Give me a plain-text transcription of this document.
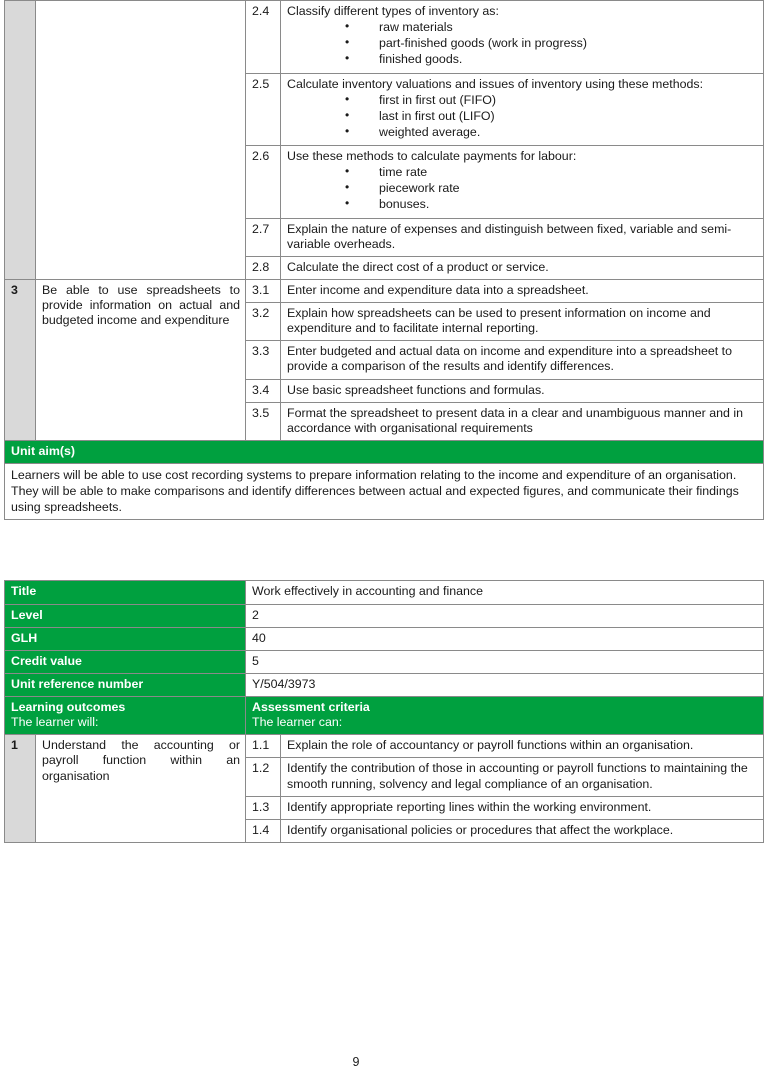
		2.4	Classify different types of inventory as:
• raw materials
• part-finished goods (work in progress)
• finished goods.

2.5	Calculate inventory valuations and issues of inventory using these methods:
• first in first out (FIFO)
• last in first out (LIFO)
• weighted average.

2.6	Use these methods to calculate payments for labour:
• time rate
• piecework rate
• bonuses.

		2.7	Explain the nature of expenses and distinguish between fixed, variable and semi-variable overheads.
		2.8	Calculate the direct cost of a product or service.
3	Be able to use spreadsheets to provide information on actual and budgeted income and expenditure	3.1	Enter income and expenditure data into a spreadsheet.
		3.2	Explain how spreadsheets can be used to present information on income and expenditure and to facilitate internal reporting.
		3.3	Enter budgeted and actual data on income and expenditure into a spreadsheet to provide a comparison of the results and identify differences.
		3.4	Use basic spreadsheet functions and formulas.
		3.5	Format the spreadsheet to present data in a clear and unambiguous manner and in accordance with organisational requirements
Unit aim(s)			
Learners will be able to use cost recording systems to prepare information relating to the income and expenditure of an organisation. They will be able to make comparisons and identify differences between actual and expected figures, and communicate their findings using spreadsheets.			
Title		Work effectively in accounting and finance	
Level		2	
GLH		40	
Credit value		5	
Unit reference number		Y/504/3973	

Learning outcomes
The learner will:		Assessment criteria
The learner can:	

1	Understand the accounting or payroll function within an organisation	1.1	Explain the role of accountancy or payroll functions within an organisation.
		1.2	Identify the contribution of those in accounting or payroll functions to maintaining the smooth running, solvency and legal compliance of an organisation.
		1.3	Identify appropriate reporting lines within the working environment.
		1.4	Identify organisational policies or procedures that affect the workplace.
9
